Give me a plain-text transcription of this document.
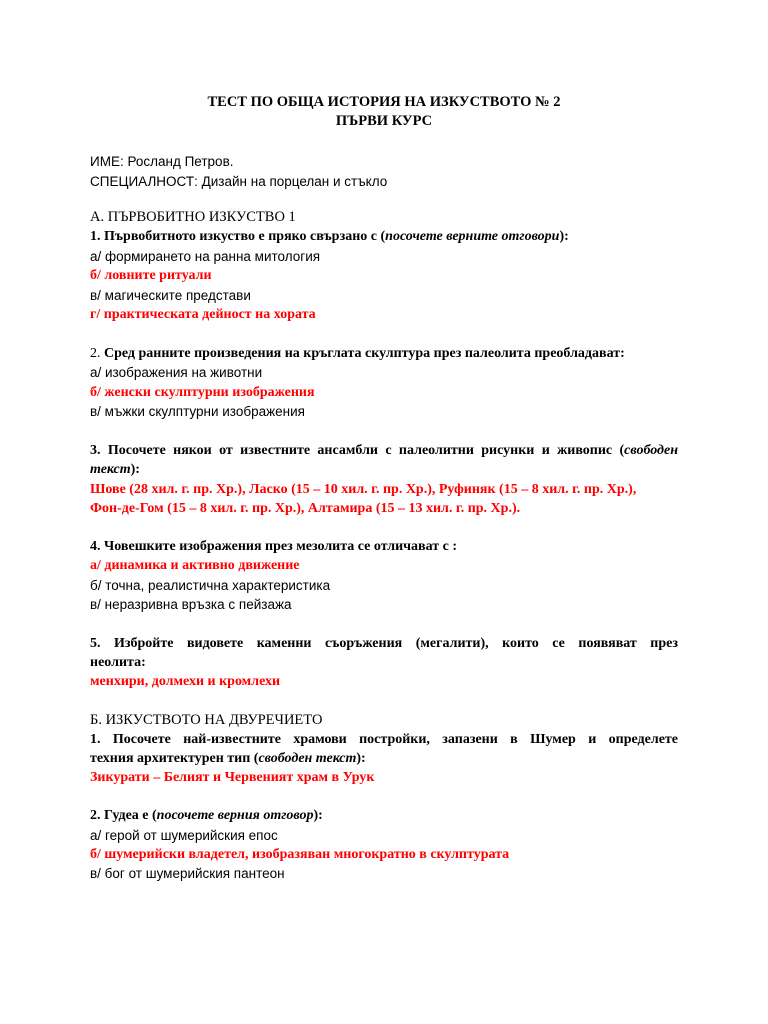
ТЕСТ ПО ОБЩА ИСТОРИЯ НА ИЗКУСТВОТО № 2
ПЪРВИ КУРС
ИМЕ: Росланд Петров.
СПЕЦИАЛНОСТ: Дизайн на порцелан и стъкло
А. ПЪРВОБИТНО ИЗКУСТВО 1
1. Първобитното изкуство е пряко свързано с (посочете верните отговори):
а/ формирането на ранна митология
б/ ловните ритуали
в/ магическите представи
г/ практическата дейност на хората
2. Сред ранните произведения на кръглата скулптура през палеолита преобладават:
а/ изображения на животни
б/ женски скулптурни изображения
в/ мъжки скулптурни изображения
3. Посочете някои от известните ансамбли с палеолитни рисунки и живопис (свободен
текст):
Шове (28 хил. г. пр. Хр.), Ласко (15 – 10 хил. г. пр. Хр.), Руфиняк (15 – 8 хил. г. пр. Хр.),
Фон-де-Гом (15 – 8 хил. г. пр. Хр.), Алтамира (15 – 13 хил. г. пр. Хр.).
4. Човешките изображения през мезолита се отличават с :
а/ динамика и активно движение
б/ точна, реалистична характеристика
в/ неразривна връзка с пейзажа
5. Избройте видовете каменни съоръжения (мегалити), които се появяват през
неолита:
менхири, долмехи и кромлехи
Б. ИЗКУСТВОТО НА ДВУРЕЧИЕТО
1. Посочете най-известните храмови постройки, запазени в Шумер и определете
техния архитектурен тип (свободен текст):
Зикурати – Белият и Червеният храм в Урук
2. Гудеа е (посочете верния отговор):
а/ герой от шумерийския епос
б/ шумерийски владетел, изобразяван многократно в скулптурата
в/ бог от шумерийския пантеон
